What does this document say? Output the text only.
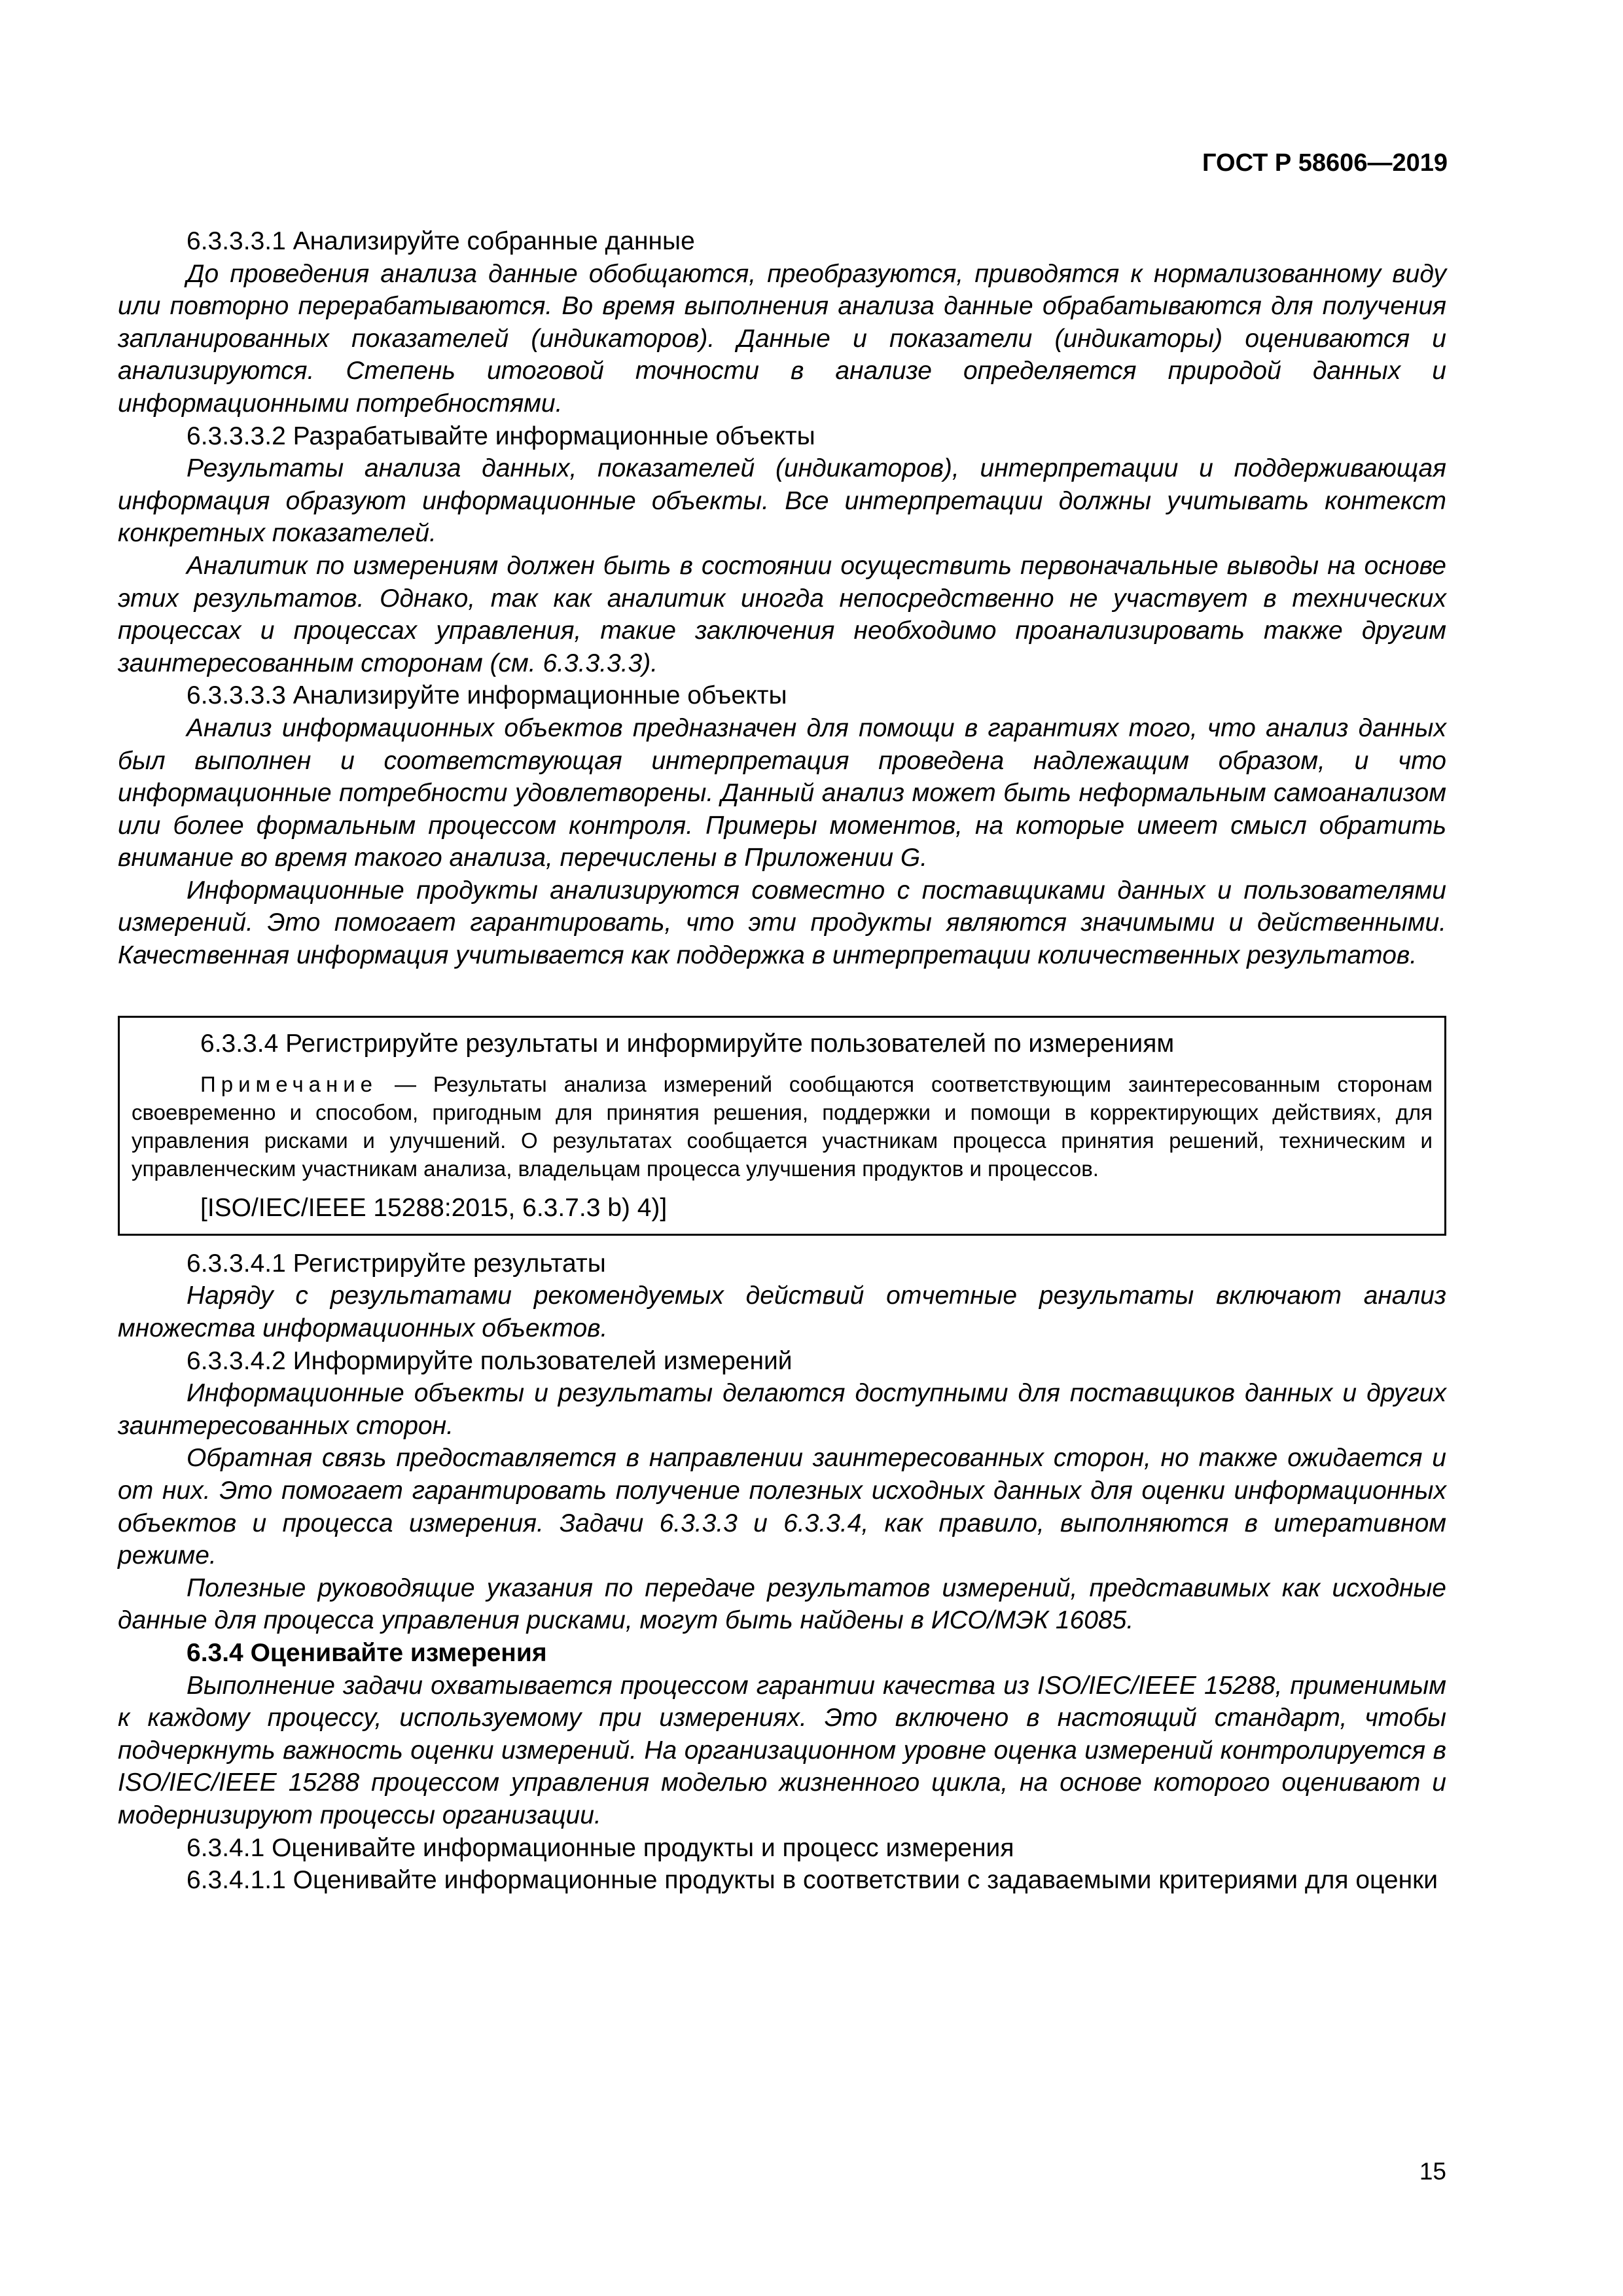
ГОСТ Р 58606—2019

6.3.3.3.1 Анализируйте собранные данные

До проведения анализа данные обобщаются, преобразуются, приводятся к нормализованному виду или повторно перерабатываются. Во время выполнения анализа данные обрабатываются для получения запланированных показателей (индикаторов). Данные и показатели (индикаторы) оцениваются и анализируются. Степень итоговой точности в анализе определяется природой данных и информационными потребностями.

6.3.3.3.2 Разрабатывайте информационные объекты

Результаты анализа данных, показателей (индикаторов), интерпретации и поддерживающая информация образуют информационные объекты. Все интерпретации должны учитывать контекст конкретных показателей.

Аналитик по измерениям должен быть в состоянии осуществить первоначальные выводы на основе этих результатов. Однако, так как аналитик иногда непосредственно не участвует в технических процессах и процессах управления, такие заключения необходимо проанализировать также другим заинтересованным сторонам (см. 6.3.3.3.3).

6.3.3.3.3 Анализируйте информационные объекты

Анализ информационных объектов предназначен для помощи в гарантиях того, что анализ данных был выполнен и соответствующая интерпретация проведена надлежащим образом, и что информационные потребности удовлетворены. Данный анализ может быть неформальным самоанализом или более формальным процессом контроля. Примеры моментов, на которые имеет смысл обратить внимание во время такого анализа, перечислены в Приложении G.

Информационные продукты анализируются совместно с поставщиками данных и пользователями измерений. Это помогает гарантировать, что эти продукты являются значимыми и действенными. Качественная информация учитывается как поддержка в интерпретации количественных результатов.

6.3.3.4 Регистрируйте результаты и информируйте пользователей по измерениям

Примечание — Результаты анализа измерений сообщаются соответствующим заинтересованным сторонам своевременно и способом, пригодным для принятия решения, поддержки и помощи в корректирующих действиях, для управления рисками и улучшений. О результатах сообщается участникам процесса принятия решений, техническим и управленческим участникам анализа, владельцам процесса улучшения продуктов и процессов.

[ISO/IEC/IEEE 15288:2015, 6.3.7.3 b) 4)]

6.3.3.4.1 Регистрируйте результаты

Наряду с результатами рекомендуемых действий отчетные результаты включают анализ множества информационных объектов.

6.3.3.4.2 Информируйте пользователей измерений

Информационные объекты и результаты делаются доступными для поставщиков данных и других заинтересованных сторон.

Обратная связь предоставляется в направлении заинтересованных сторон, но также ожидается и от них. Это помогает гарантировать получение полезных исходных данных для оценки информационных объектов и процесса измерения. Задачи 6.3.3.3 и 6.3.3.4, как правило, выполняются в итеративном режиме.

Полезные руководящие указания по передаче результатов измерений, представимых как исходные данные для процесса управления рисками, могут быть найдены в ИСО/МЭК 16085.

6.3.4 Оценивайте измерения

Выполнение задачи охватывается процессом гарантии качества из ISO/IEC/IEEE 15288, применимым к каждому процессу, используемому при измерениях. Это включено в настоящий стандарт, чтобы подчеркнуть важность оценки измерений. На организационном уровне оценка измерений контролируется в ISO/IEC/IEEE 15288 процессом управления моделью жизненного цикла, на основе которого оценивают и модернизируют процессы организации.

6.3.4.1 Оценивайте информационные продукты и процесс измерения

6.3.4.1.1 Оценивайте информационные продукты в соответствии с задаваемыми критериями для оценки

15
